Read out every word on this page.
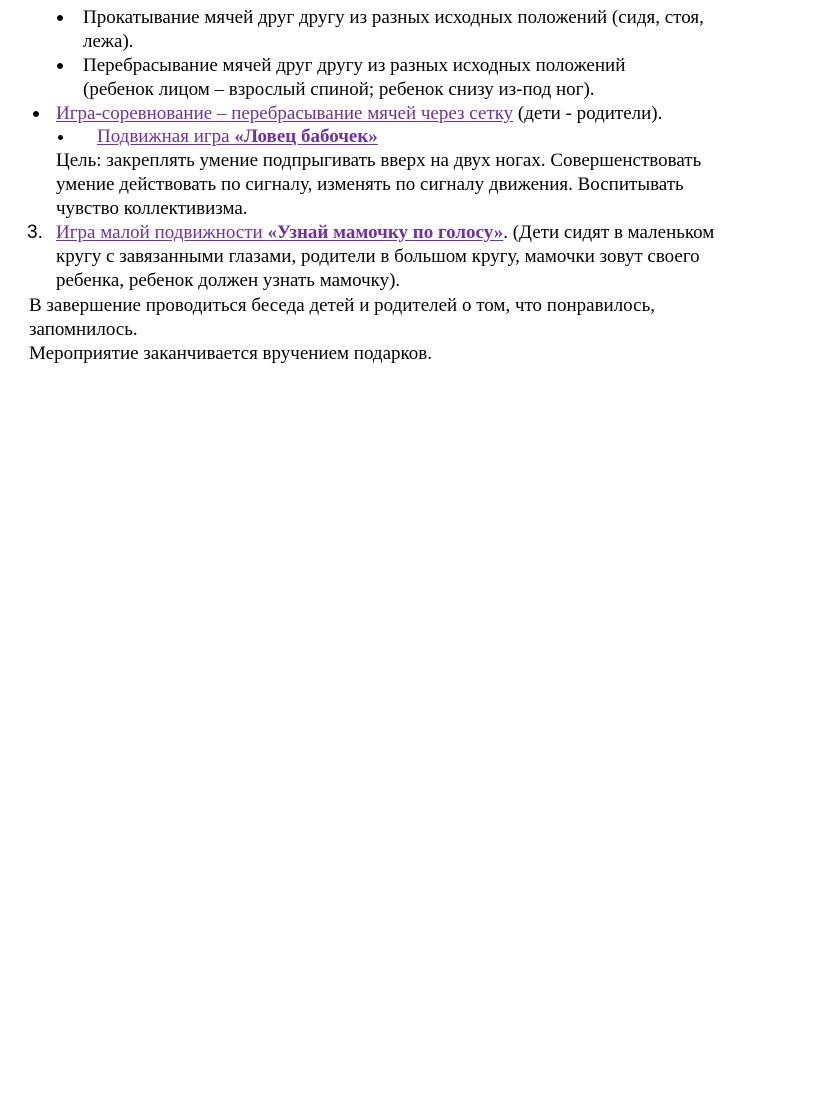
Прокатывание мячей друг другу из разных исходных положений (сидя, стоя,
лежа).
Перебрасывание мячей друг другу из разных исходных положений
(ребенок лицом – взрослый спиной; ребенок снизу из-под ног).
Игра-соревнование – перебрасывание мячей через сетку (дети - родители).
Подвижная игра «Ловец бабочек»
Цель: закреплять умение подпрыгивать вверх на двух ногах. Совершенствовать
умение действовать по сигналу, изменять по сигналу движения. Воспитывать
чувство коллективизма.
3. Игра малой подвижности «Узнай мамочку по голосу». (Дети сидят в маленьком
кругу с завязанными глазами, родители в большом кругу, мамочки зовут своего
ребенка, ребенок должен узнать мамочку).
В завершение проводиться беседа детей и родителей о том, что понравилось,
запомнилось.
Мероприятие заканчивается вручением подарков.
